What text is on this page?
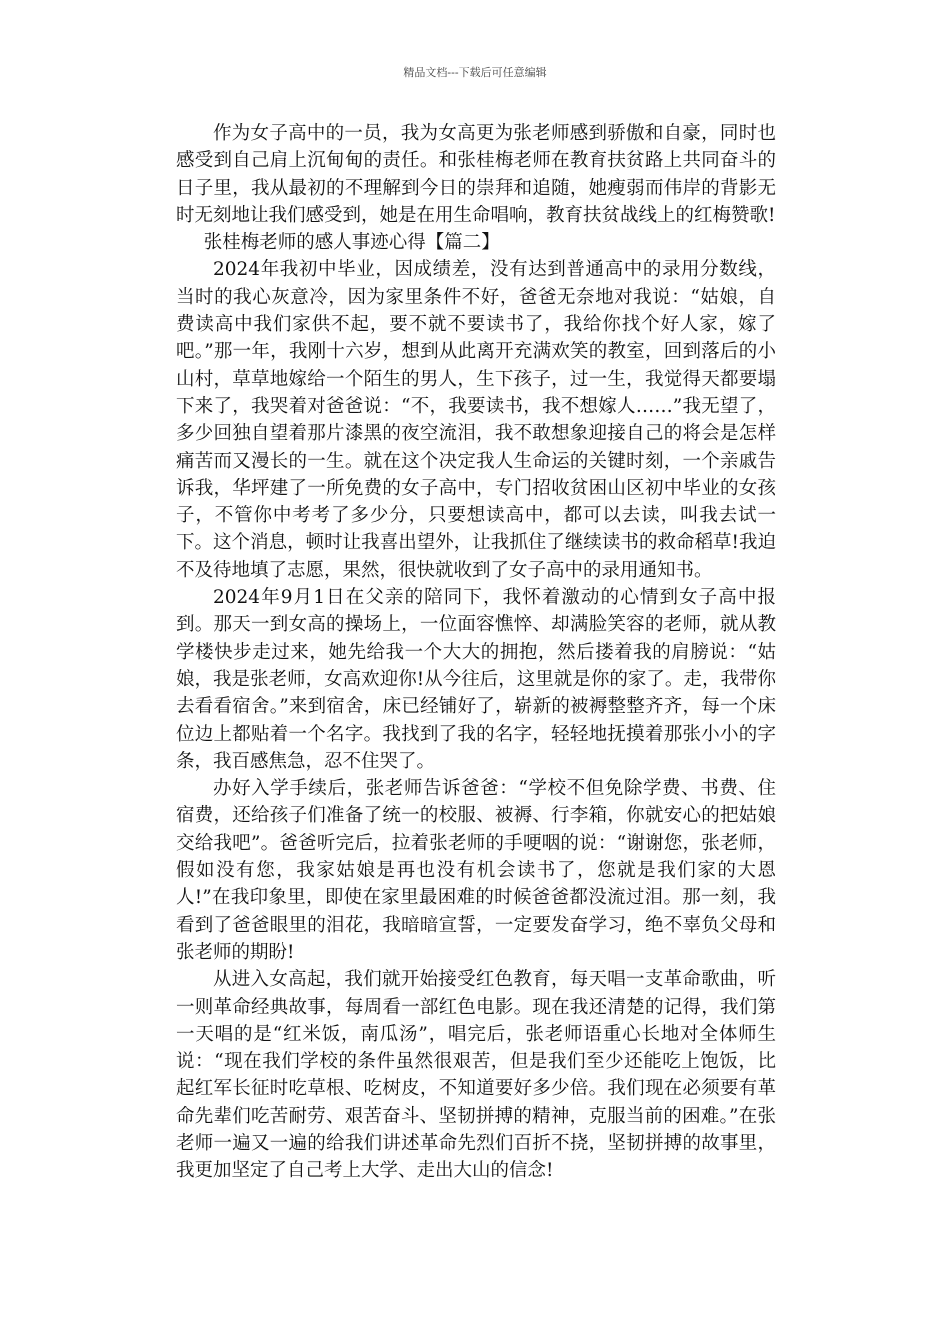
精品文档---下载后可任意编辑

作为女子高中的一员，我为女高更为张老师感到骄傲和自豪，同时也感受到自己肩上沉甸甸的责任。和张桂梅老师在教育扶贫路上共同奋斗的日子里，我从最初的不理解到今日的崇拜和追随，她瘦弱而伟岸的背影无时无刻地让我们感受到，她是在用生命唱响，教育扶贫战线上的红梅赞歌!

张桂梅老师的感人事迹心得【篇二】

2024年我初中毕业，因成绩差，没有达到普通高中的录用分数线，当时的我心灰意冷，因为家里条件不好，爸爸无奈地对我说：“姑娘，自费读高中我们家供不起，要不就不要读书了，我给你找个好人家，嫁了吧。”那一年，我刚十六岁，想到从此离开充满欢笑的教室，回到落后的小山村，草草地嫁给一个陌生的男人，生下孩子，过一生，我觉得天都要塌下来了，我哭着对爸爸说：“不，我要读书，我不想嫁人……”我无望了，多少回独自望着那片漆黑的夜空流泪，我不敢想象迎接自己的将会是怎样痛苦而又漫长的一生。就在这个决定我人生命运的关键时刻，一个亲戚告诉我，华坪建了一所免费的女子高中，专门招收贫困山区初中毕业的女孩子，不管你中考考了多少分，只要想读高中，都可以去读，叫我去试一下。这个消息，顿时让我喜出望外，让我抓住了继续读书的救命稻草!我迫不及待地填了志愿，果然，很快就收到了女子高中的录用通知书。

2024年9月1日在父亲的陪同下，我怀着激动的心情到女子高中报到。那天一到女高的操场上，一位面容憔悴、却满脸笑容的老师，就从教学楼快步走过来，她先给我一个大大的拥抱，然后搂着我的肩膀说：“姑娘，我是张老师，女高欢迎你!从今往后，这里就是你的家了。走，我带你去看看宿舍。”来到宿舍，床已经铺好了，崭新的被褥整整齐齐，每一个床位边上都贴着一个名字。我找到了我的名字，轻轻地抚摸着那张小小的字条，我百感焦急，忍不住哭了。

办好入学手续后，张老师告诉爸爸：“学校不但免除学费、书费、住宿费，还给孩子们准备了统一的校服、被褥、行李箱，你就安心的把姑娘交给我吧”。爸爸听完后，拉着张老师的手哽咽的说：“谢谢您，张老师，假如没有您，我家姑娘是再也没有机会读书了，您就是我们家的大恩人!”在我印象里，即使在家里最困难的时候爸爸都没流过泪。那一刻，我看到了爸爸眼里的泪花，我暗暗宣誓，一定要发奋学习，绝不辜负父母和张老师的期盼!

从进入女高起，我们就开始接受红色教育，每天唱一支革命歌曲，听一则革命经典故事，每周看一部红色电影。现在我还清楚的记得，我们第一天唱的是“红米饭，南瓜汤”，唱完后，张老师语重心长地对全体师生说：“现在我们学校的条件虽然很艰苦，但是我们至少还能吃上饱饭，比起红军长征时吃草根、吃树皮，不知道要好多少倍。我们现在必须要有革命先辈们吃苦耐劳、艰苦奋斗、坚韧拼搏的精神，克服当前的困难。”在张老师一遍又一遍的给我们讲述革命先烈们百折不挠，坚韧拼搏的故事里，我更加坚定了自己考上大学、走出大山的信念!
